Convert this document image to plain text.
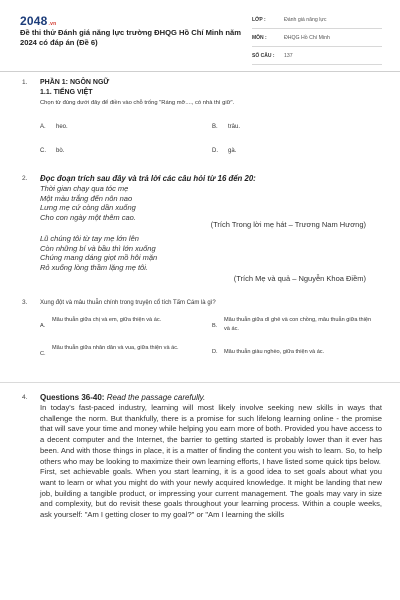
2048.vn
Đề thi thử Đánh giá năng lực trường ĐHQG Hồ Chí Minh năm 2024 có đáp án (Đề 6)
LỚP :	Đánh giá năng lực
MÔN :	ĐHQG Hồ Chí Minh
SỐ CÂU : 137
1. PHẦN 1: NGÔN NGỮ
1.1. TIẾNG VIỆT
Chọn từ đúng dưới đây để điền vào chỗ trống "Ráng mỡ...., có nhà thì giữ".
A. heo.	B. trâu.
C. bò.	D. gà.
2. Đọc đoạn trích sau đây và trả lời các câu hỏi từ 16 đến 20:
Thời gian chạy qua tóc mẹ
Một màu trắng đến nôn nao
Lưng mẹ cứ còng dần xuống
Cho con ngày một thêm cao.
(Trích Trong lời mẹ hát – Trương Nam Hương)
Lũ chúng tôi từ tay mẹ lớn lên
Còn những bí và bầu thì lớn xuống
Chúng mang dáng giọt mồ hôi mặn
Rỏ xuống lòng thầm lặng mẹ tôi.
(Trích Mẹ và quả – Nguyễn Khoa Điềm)
3. Xung đột và mâu thuẫn chính trong truyện cổ tích Tấm Cám là gì?
A.
Mâu thuẫn giữa chị và em, giữa thiện và ác.
B.
Mâu thuẫn giữa dì ghẻ và con chồng, mâu thuẫn giữa thiện và ác.
C.
Mâu thuẫn giữa nhân dân và vua, giữa thiện và ác.
D. Mâu thuẫn giàu nghèo, giữa thiện và ác.
4. Questions 36-40: Read the passage carefully.
In today's fast-paced industry, learning will most likely involve seeking new skills in ways that challenge the norm. But thankfully, there is a promise for such lifelong learning online - the promise that will save your time and money while helping you earn more of both. Provided you have access to a decent computer and the Internet, the barrier to getting started is probably lower than it ever has been. And with those things in place, it is a matter of finding the content you wish to learn. So, to help others who may be looking to maximize their own learning efforts, I have listed some quick tips below.
First, set achievable goals. When you start learning, it is a good idea to set goals about what you want to learn or what you might do with your newly acquired knowledge. It might be landing that new job, building a tangible product, or impressing your current management. The goals may vary in size and complexity, but do revisit these goals throughout your learning process. Within a couple weeks, ask yourself: "Am I getting closer to my goal?" or "Am I learning the skills
